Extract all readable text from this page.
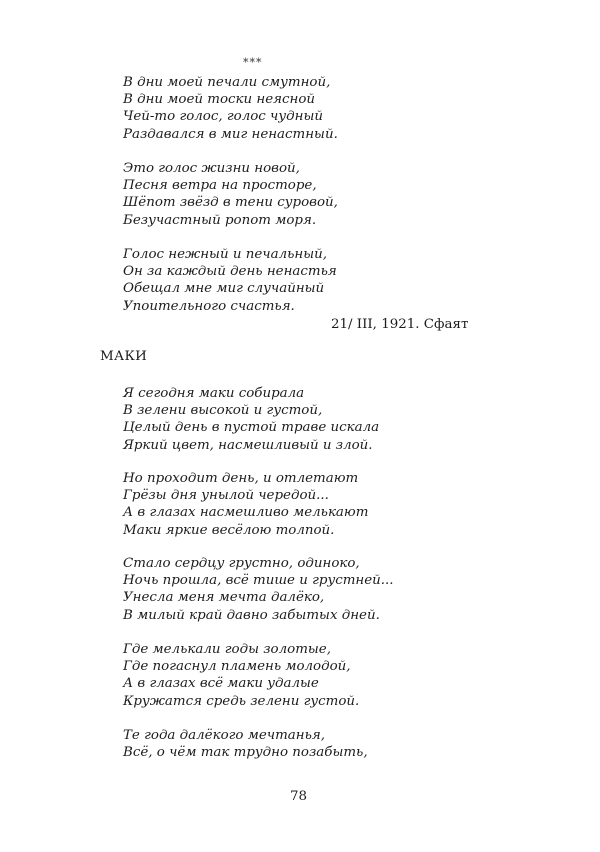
***

В дни моей печали смутной,
В дни моей тоски неясной
Чей-то голос, голос чудный
Раздавался в миг ненастный.

Это голос жизни новой,
Песня ветра на просторе,
Шёпот звёзд в тени суровой,
Безучастный ропот моря.

Голос нежный и печальный,
Он за каждый день ненастья
Обещал мне миг случайный
Упоительного счастья.

21/ III, 1921. Сфаят
МАКИ

Я сегодня маки собирала
В зелени высокой и густой,
Целый день в пустой траве искала
Яркий цвет, насмешливый и злой.

Но проходит день, и отлетают
Грёзы дня унылой чередой...
А в глазах насмешливо мелькают
Маки яркие весёлою толпой.

Стало сердцу грустно, одиноко,
Ночь прошла, всё тише и грустней...
Унесла меня мечта далёко,
В милый край давно забытых дней.

Где мелькали годы золотые,
Где погаснул пламень молодой,
А в глазах всё маки удалые
Кружатся средь зелени густой.

Те года далёкого мечтанья,
Всё, о чём так трудно позабыть,

78
